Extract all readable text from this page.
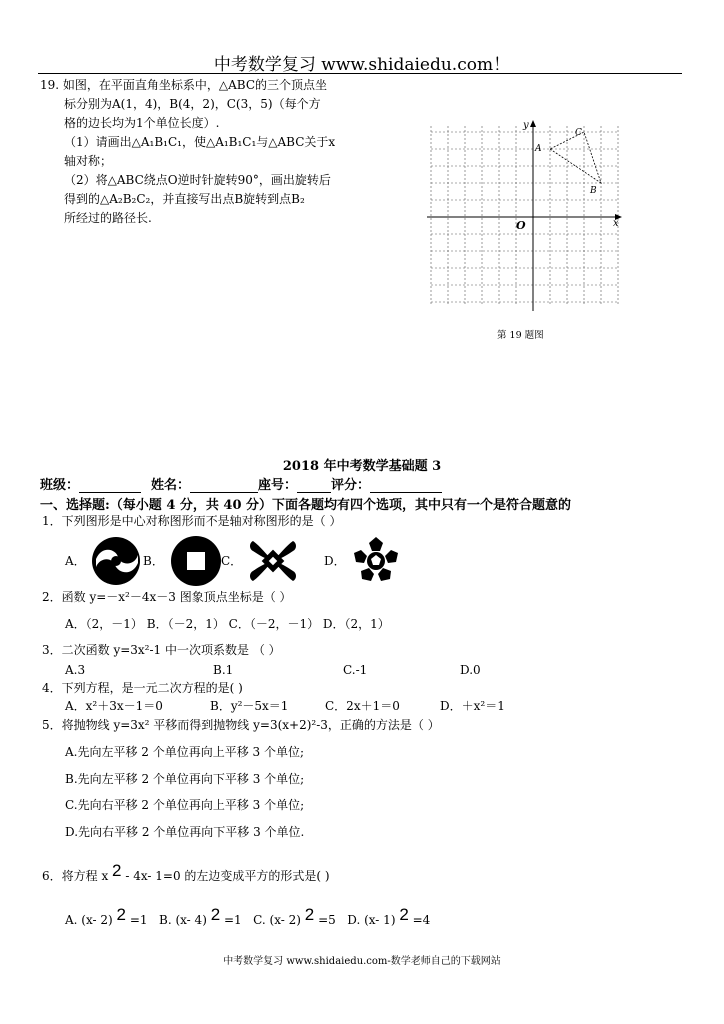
中考数学复习 www.shidaiedu.com！
19. 如图，在平面直角坐标系中，△ABC的三个顶点坐
标分别为A(1，4)，B(4，2)，C(3，5)（每个方
格的边长均为1个单位长度）.
（1）请画出△A₁B₁C₁，使△A₁B₁C₁与△ABC关于x
轴对称；
（2）将△ABC绕点O逆时针旋转90°，画出旋转后
得到的△A₂B₂C₂，并直接写出点B旋转到点B₂
所经过的路径长.
y
x
O
A
B
C
第 19 题图
2018 年中考数学基础题 3
班级：	姓名：	座号：	评分：
一、选择题:（每小题 4 分，共 40 分）下面各题均有四个选项，其中只有一个是符合题意的
1．下列图形是中心对称图形而不是轴对称图形的是（ ）
A．	B．	C．	D．
2．函数 y=－x²－4x－3 图象顶点坐标是（ ）
A．（2，－1） B．（－2，1） C．（－2，－1） D．（2，1）
3．二次函数 y=3x²-1 中一次项系数是 （ ）
A.3	B.1	C.-1	D.0
4．下列方程，是一元二次方程的是( )
A．x²＋3x－1＝0	B．y²－5x＝1	C．2x＋1＝0	D．＋x²＝1
5．将抛物线 y=3x² 平移而得到抛物线 y=3(x+2)²-3，正确的方法是（ ）
A.先向左平移 2 个单位再向上平移 3 个单位;
B.先向左平移 2 个单位再向下平移 3 个单位;
C.先向右平移 2 个单位再向上平移 3 个单位;
D.先向右平移 2 个单位再向下平移 3 个单位.
6．将方程 x 2 - 4x- 1=0 的左边变成平方的形式是( )
A. (x- 2) 2 =1 B. (x- 4) 2 =1 C. (x- 2) 2 =5 D. (x- 1) 2 =4
中考数学复习 www.shidaiedu.com-数学老师自己的下载网站
